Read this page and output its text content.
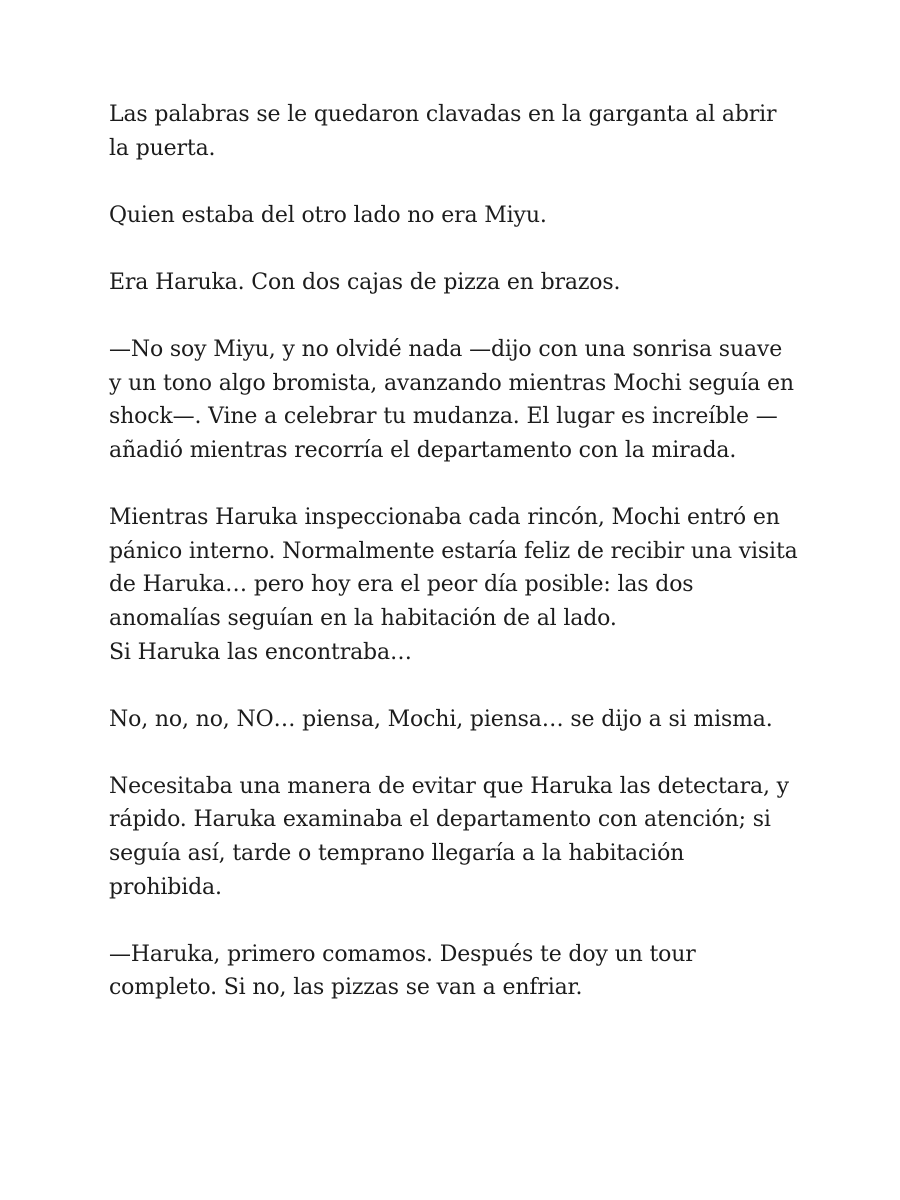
Las palabras se le quedaron clavadas en la garganta al abrir la puerta.

Quien estaba del otro lado no era Miyu.

Era Haruka. Con dos cajas de pizza en brazos.

—No soy Miyu, y no olvidé nada —dijo con una sonrisa suave y un tono algo bromista, avanzando mientras Mochi seguía en shock—. Vine a celebrar tu mudanza. El lugar es increíble —añadió mientras recorría el departamento con la mirada.

Mientras Haruka inspeccionaba cada rincón, Mochi entró en pánico interno. Normalmente estaría feliz de recibir una visita de Haruka… pero hoy era el peor día posible: las dos anomalías seguían en la habitación de al lado.
Si Haruka las encontraba…

No, no, no, NO… piensa, Mochi, piensa… se dijo a si misma.

Necesitaba una manera de evitar que Haruka las detectara, y rápido. Haruka examinaba el departamento con atención; si seguía así, tarde o temprano llegaría a la habitación prohibida.

—Haruka, primero comamos. Después te doy un tour completo. Si no, las pizzas se van a enfriar.
